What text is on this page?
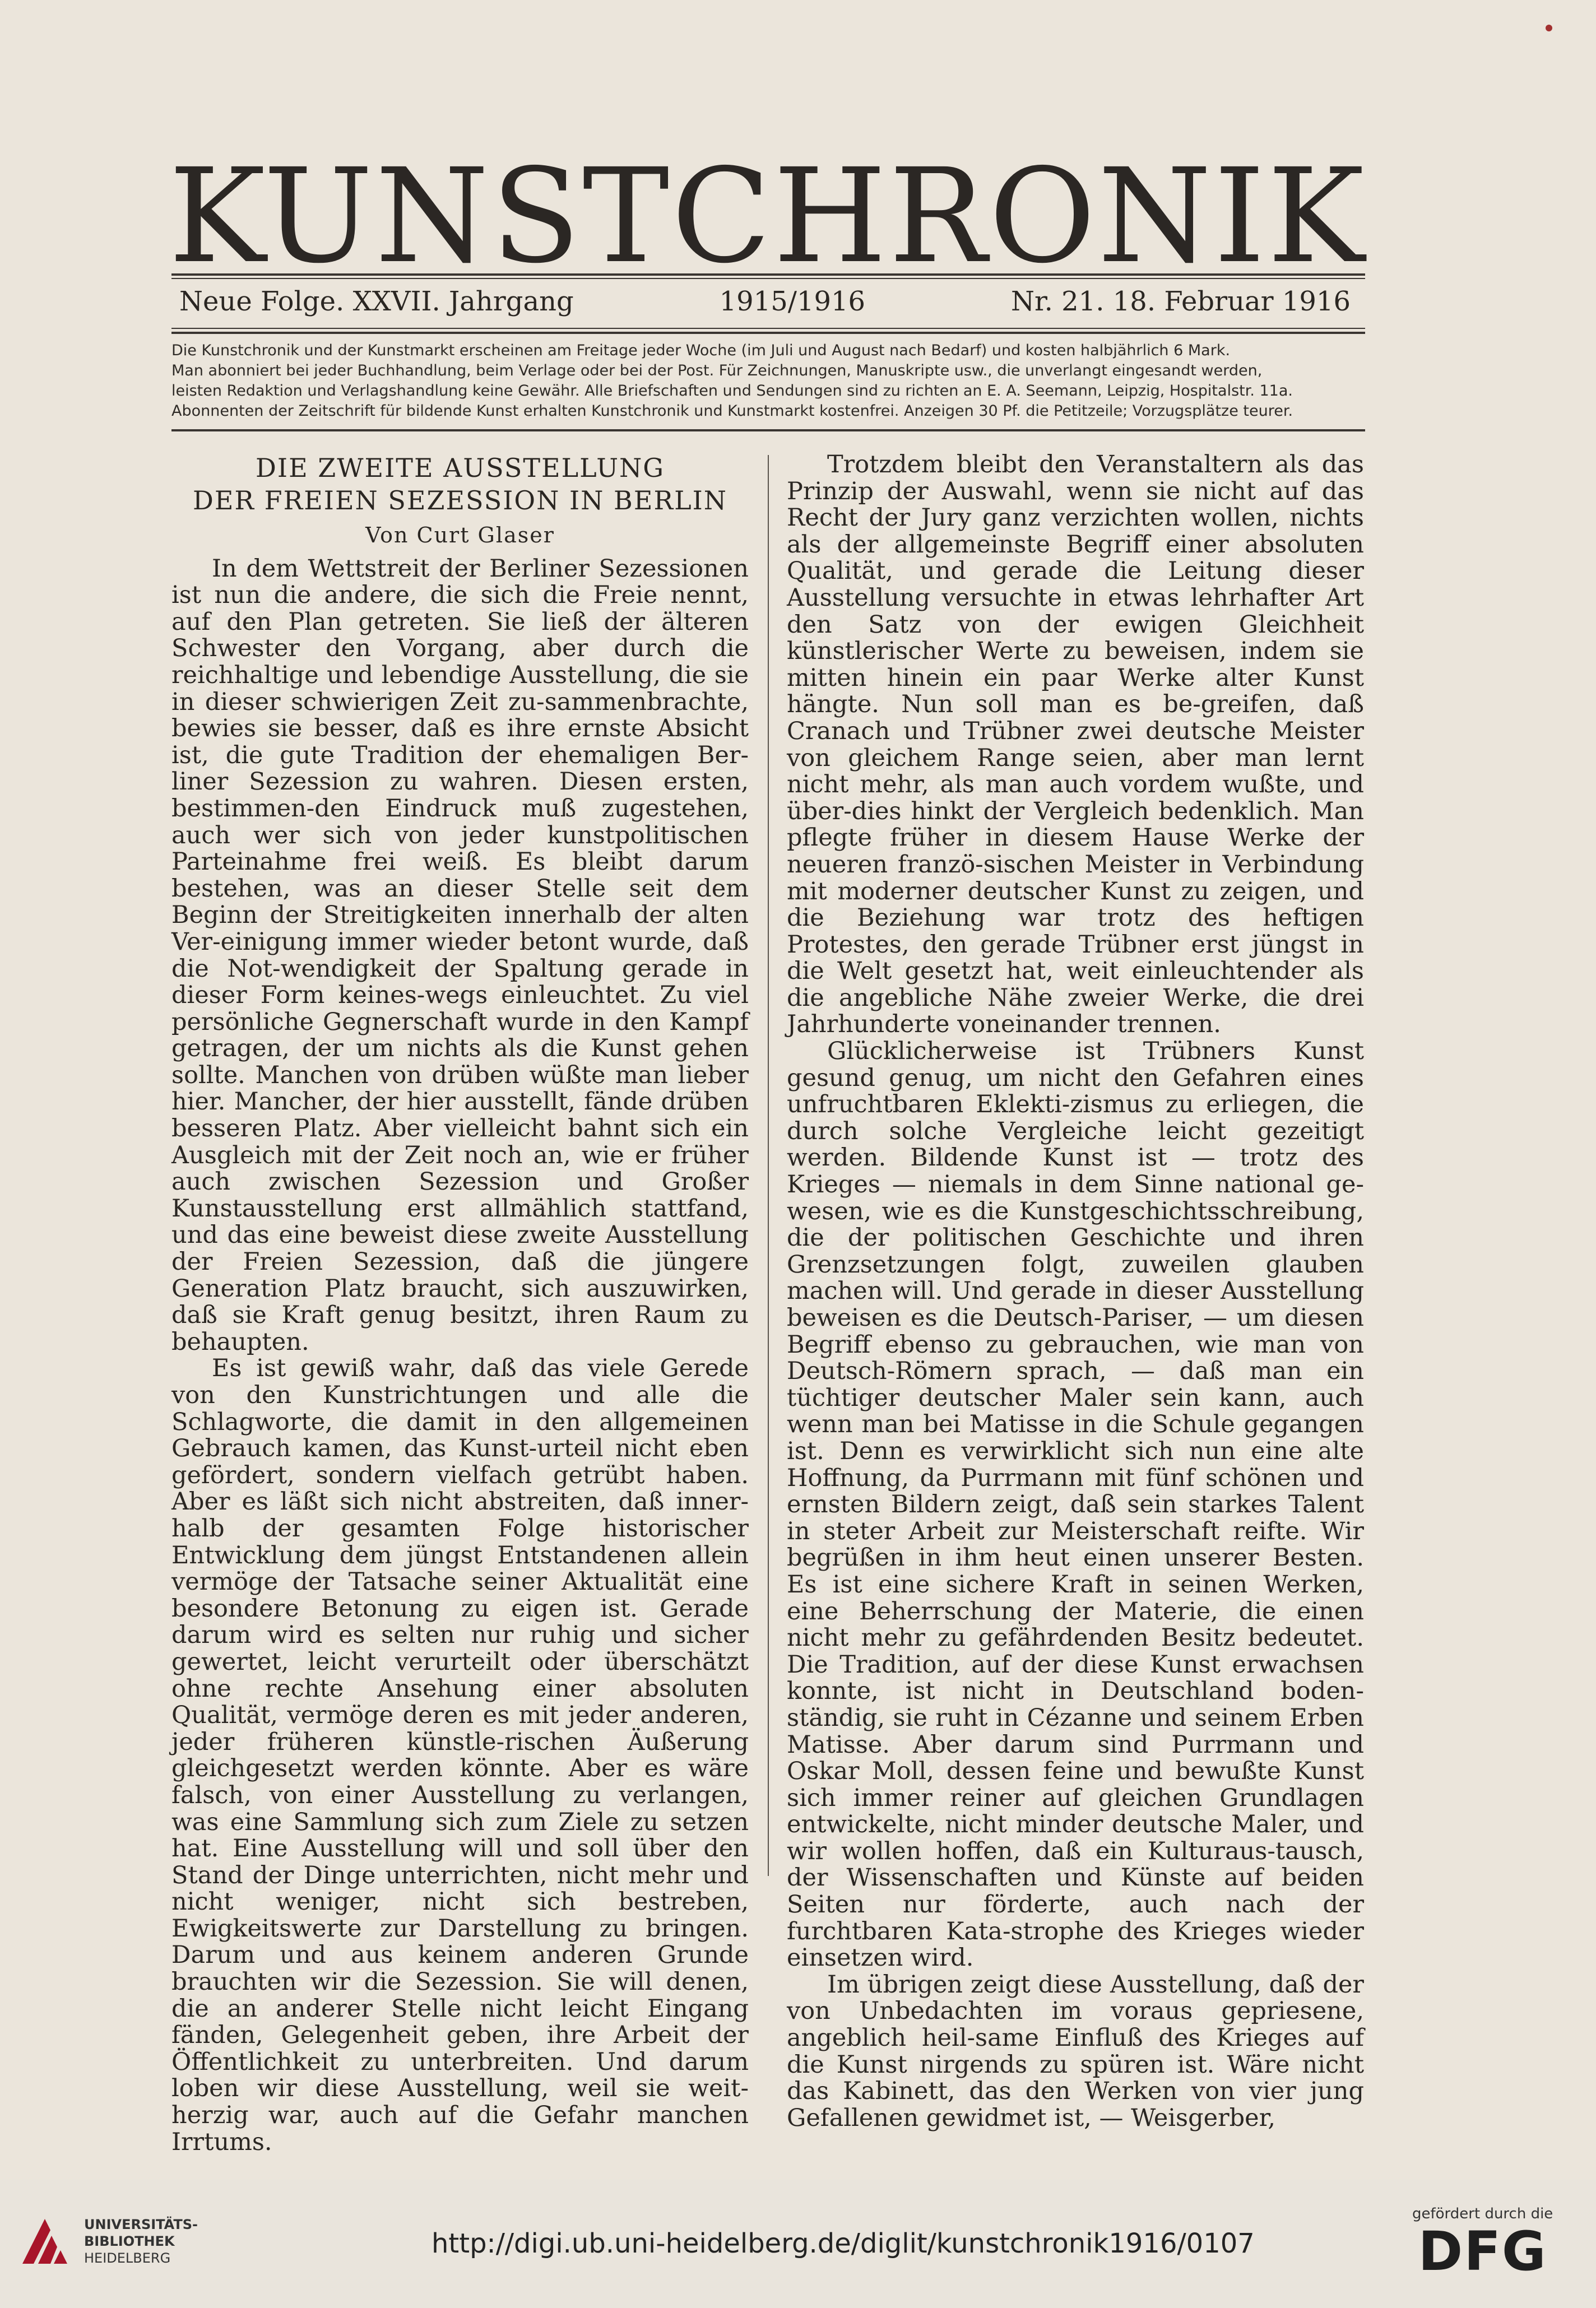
KUNSTCHRONIK
Neue Folge. XXVII. Jahrgang	1915/1916	Nr. 21. 18. Februar 1916
Die Kunstchronik und der Kunstmarkt erscheinen am Freitage jeder Woche (im Juli und August nach Bedarf) und kosten halbjährlich 6 Mark.
Man abonniert bei jeder Buchhandlung, beim Verlage oder bei der Post. Für Zeichnungen, Manuskripte usw., die unverlangt eingesandt werden,
leisten Redaktion und Verlagshandlung keine Gewähr. Alle Briefschaften und Sendungen sind zu richten an E. A. Seemann, Leipzig, Hospitalstr. 11a.
Abonnenten der Zeitschrift für bildende Kunst erhalten Kunstchronik und Kunstmarkt kostenfrei. Anzeigen 30 Pf. die Petitzeile; Vorzugsplätze teurer.
DIE ZWEITE AUSSTELLUNG
DER FREIEN SEZESSION IN BERLIN
Von Curt Glaser

In dem Wettstreit der Berliner Sezessionen ist nun die andere, die sich die Freie nennt, auf den Plan getreten. Sie ließ der älteren Schwester den Vorgang, aber durch die reichhaltige und lebendige Ausstellung, die sie in dieser schwierigen Zeit zu-sammenbrachte, bewies sie besser, daß es ihre ernste Absicht ist, die gute Tradition der ehemaligen Ber-liner Sezession zu wahren. Diesen ersten, bestimmen-den Eindruck muß zugestehen, auch wer sich von jeder kunstpolitischen Parteinahme frei weiß. Es bleibt darum bestehen, was an dieser Stelle seit dem Beginn der Streitigkeiten innerhalb der alten Ver-einigung immer wieder betont wurde, daß die Not-wendigkeit der Spaltung gerade in dieser Form keines-wegs einleuchtet. Zu viel persönliche Gegnerschaft wurde in den Kampf getragen, der um nichts als die Kunst gehen sollte. Manchen von drüben wüßte man lieber hier. Mancher, der hier ausstellt, fände drüben besseren Platz. Aber vielleicht bahnt sich ein Ausgleich mit der Zeit noch an, wie er früher auch zwischen Sezession und Großer Kunstausstellung erst allmählich stattfand, und das eine beweist diese zweite Ausstellung der Freien Sezession, daß die jüngere Generation Platz braucht, sich auszuwirken, daß sie Kraft genug besitzt, ihren Raum zu behaupten.

Es ist gewiß wahr, daß das viele Gerede von den Kunstrichtungen und alle die Schlagworte, die damit in den allgemeinen Gebrauch kamen, das Kunst-urteil nicht eben gefördert, sondern vielfach getrübt haben. Aber es läßt sich nicht abstreiten, daß inner-halb der gesamten Folge historischer Entwicklung dem jüngst Entstandenen allein vermöge der Tatsache seiner Aktualität eine besondere Betonung zu eigen ist. Gerade darum wird es selten nur ruhig und sicher gewertet, leicht verurteilt oder überschätzt ohne rechte Ansehung einer absoluten Qualität, vermöge deren es mit jeder anderen, jeder früheren künstle-rischen Äußerung gleichgesetzt werden könnte. Aber es wäre falsch, von einer Ausstellung zu verlangen, was eine Sammlung sich zum Ziele zu setzen hat. Eine Ausstellung will und soll über den Stand der Dinge unterrichten, nicht mehr und nicht weniger, nicht sich bestreben, Ewigkeitswerte zur Darstellung zu bringen. Darum und aus keinem anderen Grunde brauchten wir die Sezession. Sie will denen, die an anderer Stelle nicht leicht Eingang fänden, Gelegenheit geben, ihre Arbeit der Öffentlichkeit zu unterbreiten. Und darum loben wir diese Ausstellung, weil sie weit-herzig war, auch auf die Gefahr manchen Irrtums.

Trotzdem bleibt den Veranstaltern als das Prinzip der Auswahl, wenn sie nicht auf das Recht der Jury ganz verzichten wollen, nichts als der allgemeinste Begriff einer absoluten Qualität, und gerade die Leitung dieser Ausstellung versuchte in etwas lehrhafter Art den Satz von der ewigen Gleichheit künstlerischer Werte zu beweisen, indem sie mitten hinein ein paar Werke alter Kunst hängte. Nun soll man es be-greifen, daß Cranach und Trübner zwei deutsche Meister von gleichem Range seien, aber man lernt nicht mehr, als man auch vordem wußte, und über-dies hinkt der Vergleich bedenklich. Man pflegte früher in diesem Hause Werke der neueren franzö-sischen Meister in Verbindung mit moderner deutscher Kunst zu zeigen, und die Beziehung war trotz des heftigen Protestes, den gerade Trübner erst jüngst in die Welt gesetzt hat, weit einleuchtender als die angebliche Nähe zweier Werke, die drei Jahrhunderte voneinander trennen.

Glücklicherweise ist Trübners Kunst gesund genug, um nicht den Gefahren eines unfruchtbaren Eklekti-zismus zu erliegen, die durch solche Vergleiche leicht gezeitigt werden. Bildende Kunst ist — trotz des Krieges — niemals in dem Sinne national ge-wesen, wie es die Kunstgeschichtsschreibung, die der politischen Geschichte und ihren Grenzsetzungen folgt, zuweilen glauben machen will. Und gerade in dieser Ausstellung beweisen es die Deutsch-Pariser, — um diesen Begriff ebenso zu gebrauchen, wie man von Deutsch-Römern sprach, — daß man ein tüchtiger deutscher Maler sein kann, auch wenn man bei Matisse in die Schule gegangen ist. Denn es verwirklicht sich nun eine alte Hoffnung, da Purrmann mit fünf schönen und ernsten Bildern zeigt, daß sein starkes Talent in steter Arbeit zur Meisterschaft reifte. Wir begrüßen in ihm heut einen unserer Besten. Es ist eine sichere Kraft in seinen Werken, eine Beherrschung der Materie, die einen nicht mehr zu gefährdenden Besitz bedeutet. Die Tradition, auf der diese Kunst erwachsen konnte, ist nicht in Deutschland boden-ständig, sie ruht in Cézanne und seinem Erben Matisse. Aber darum sind Purrmann und Oskar Moll, dessen feine und bewußte Kunst sich immer reiner auf gleichen Grundlagen entwickelte, nicht minder deutsche Maler, und wir wollen hoffen, daß ein Kulturaus-tausch, der Wissenschaften und Künste auf beiden Seiten nur förderte, auch nach der furchtbaren Kata-strophe des Krieges wieder einsetzen wird.

Im übrigen zeigt diese Ausstellung, daß der von Unbedachten im voraus gepriesene, angeblich heil-same Einfluß des Krieges auf die Kunst nirgends zu spüren ist. Wäre nicht das Kabinett, das den Werken von vier jung Gefallenen gewidmet ist, — Weisgerber,

UNIVERSITÄTS-
BIBLIOTHEK
HEIDELBERG	http://digi.ub.uni-heidelberg.de/diglit/kunstchronik1916/0107
gefördert durch die
DFG
